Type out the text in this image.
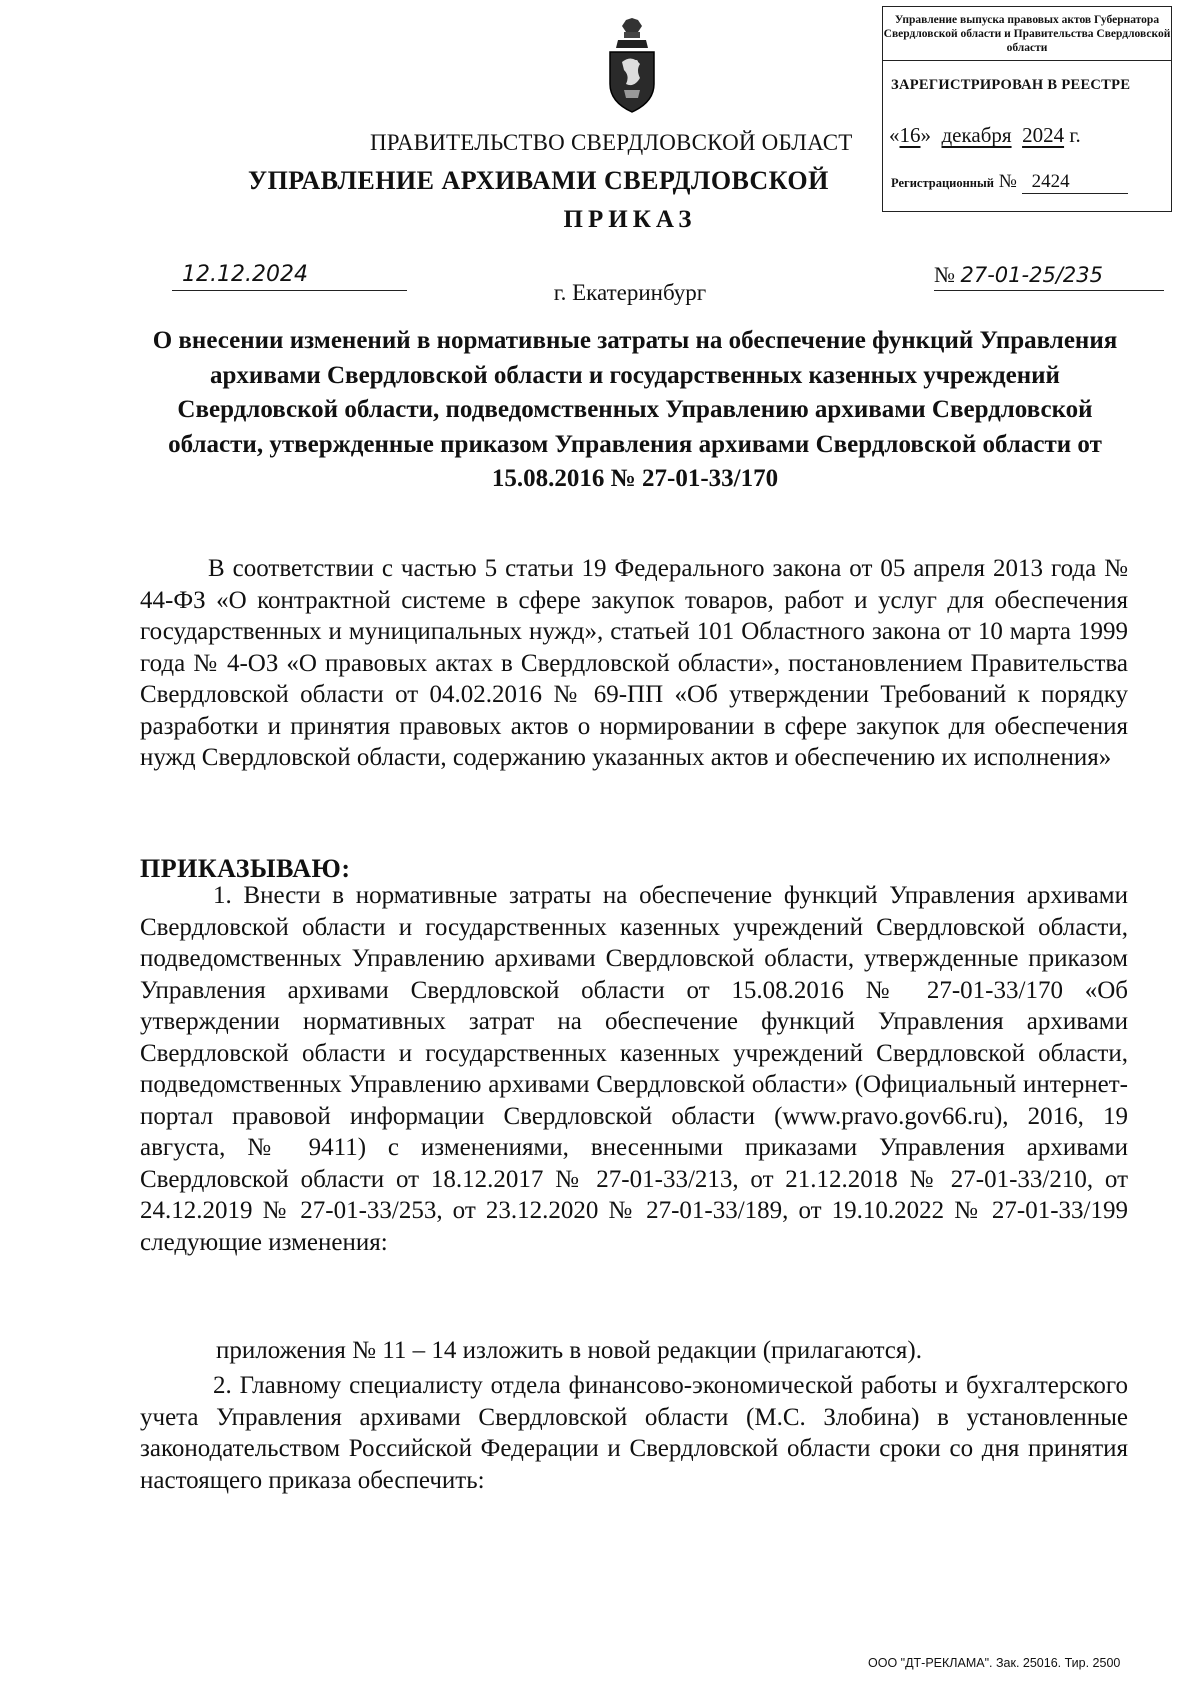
Управление выпуска правовых актов Губернатора Свердловской области и Правительства Свердловской области
ЗАРЕГИСТРИРОВАН В РЕЕСТРЕ
«16»  декабря 2024 г.
Регистрационный № 2424
ПРАВИТЕЛЬСТВО СВЕРДЛОВСКОЙ ОБЛАСТ
УПРАВЛЕНИЕ АРХИВАМИ СВЕРДЛОВСКОЙ
ПРИКАЗ
12.12.2024	№ 27-01-25/235
г. Екатеринбург
О внесении изменений в нормативные затраты на обеспечение функций Управления архивами Свердловской области и государственных казенных учреждений Свердловской области, подведомственных Управлению архивами Свердловской области, утвержденные приказом Управления архивами Свердловской области от 15.08.2016 № 27-01-33/170
В соответствии с частью 5 статьи 19 Федерального закона от 05 апреля 2013 года № 44-ФЗ «О контрактной системе в сфере закупок товаров, работ и услуг для обеспечения государственных и муниципальных нужд», статьей 101 Областного закона от 10 марта 1999 года № 4-ОЗ «О правовых актах в Свердловской области», постановлением Правительства Свердловской области от 04.02.2016 № 69-ПП «Об утверждении Требований к порядку разработки и принятия правовых актов о нормировании в сфере закупок для обеспечения нужд Свердловской области, содержанию указанных актов и обеспечению их исполнения»
ПРИКАЗЫВАЮ:
1. Внести в нормативные затраты на обеспечение функций Управления архивами Свердловской области и государственных казенных учреждений Свердловской области, подведомственных Управлению архивами Свердловской области, утвержденные приказом Управления архивами Свердловской области от 15.08.2016 № 27-01-33/170 «Об утверждении нормативных затрат на обеспечение функций Управления архивами Свердловской области и государственных казенных учреждений Свердловской области, подведомственных Управлению архивами Свердловской области» (Официальный интернет-портал правовой информации Свердловской области (www.pravo.gov66.ru), 2016, 19 августа, № 9411) с изменениями, внесенными приказами Управления архивами Свердловской области от 18.12.2017 № 27-01-33/213, от 21.12.2018 № 27-01-33/210, от 24.12.2019 № 27-01-33/253, от 23.12.2020 № 27-01-33/189, от 19.10.2022 № 27-01-33/199 следующие изменения:
приложения № 11 – 14 изложить в новой редакции (прилагаются).
2. Главному специалисту отдела финансово-экономической работы и бухгалтерского учета Управления архивами Свердловской области (М.С. Злобина) в установленные законодательством Российской Федерации и Свердловской области сроки со дня принятия настоящего приказа обеспечить:
ООО "ДТ-РЕКЛАМА". Зак. 25016. Тир. 2500
